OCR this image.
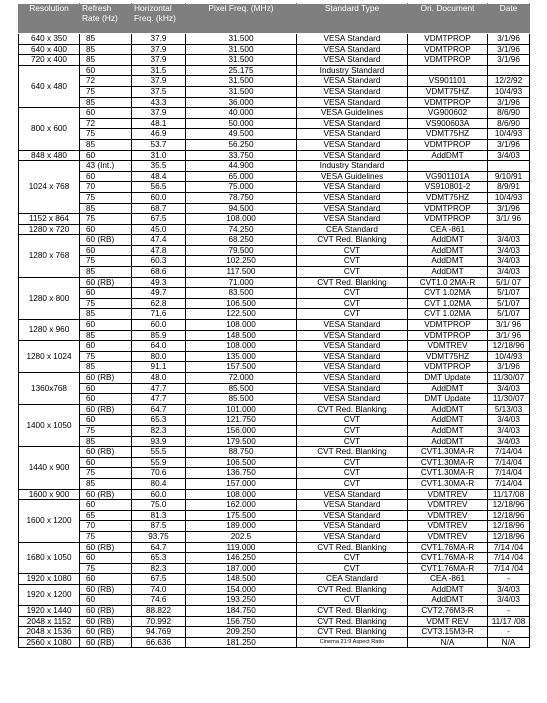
Resolution	Refresh Rate (Hz)	Horizontal Freq. (kHz)	Pixel Freq. (MHz)	Standard Type	Ori. Document	Date
640 x 350	85	37.9	31.500	VESA Standard	VDMTPROP	3/1/96
640 x 400	85	37.9	31.500	VESA Standard	VDMTPROP	3/1/96
720 x 400	85	37.9	31.500	VESA Standard	VDMTPROP	3/1/96
640 x 480	60	31.5	25.175	Industry Standard		
	72	37.9	31.500	VESA Standard	VS901101	12/2/92
	75	37.5	31.500	VESA Standard	VDMT75HZ	10/4/93
	85	43.3	36.000	VESA Standard	VDMTPROP	3/1/96
800 x 600	60	37.9	40.000	VESA Guidelines	VG900602	8/6/90
	72	48.1	50.000	VESA Standard	VS900603A	8/6/90
	75	46.9	49.500	VESA Standard	VDMT75HZ	10/4/93
	85	53.7	56.250	VESA Standard	VDMTPROP	3/1/96
848 x 480	60	31.0	33.750	VESA Standard	AddDMT	3/4/03
1024 x 768	43 (Int.)	35.5	44.900	Industry Standard		
	60	48.4	65.000	VESA Guidelines	VG901101A	9/10/91
	70	56.5	75.000	VESA Standard	VS910801-2	8/9/91
	75	60.0	78.750	VESA Standard	VDMT75HZ	10/4/93
	85	68.7	94.500	VESA Standard	VDMTPROP	3/1/96
1152 x 864	75	67.5	108.000	VESA Standard	VDMTPROP	3/1/ 96
1280 x 720	60	45.0	74.250	CEA Standard	CEA -861	
1280 x 768	60 (RB)	47.4	68.250	CVT Red. Blanking	AddDMT	3/4/03
	60	47.8	79.500	CVT	AddDMT	3/4/03
	75	60.3	102.250	CVT	AddDMT	3/4/03
	85	68.6	117.500	CVT	AddDMT	3/4/03
1280 x 800	60 (RB)	49.3	71.000	CVT Red. Blanking	CVT1.0 2MA-R	5/1/ 07
	60	49.7	83.500	CVT	CVT 1.02MA	5/1/07
	75	62.8	106.500	CVT	CVT 1.02MA	5/1/07
	85	71.6	122.500	CVT	CVT 1.02MA	5/1/07
1280 x 960	60	60.0	108.000	VESA Standard	VDMTPROP	3/1/ 96
	85	85.9	148.500	VESA Standard	VDMTPROP	3/1/ 96
1280 x 1024	60	64.0	108.000	VESA Standard	VDMTREV	12/18/96
	75	80.0	135.000	VESA Standard	VDMT75HZ	10/4/93
	85	91.1	157.500	VESA Standard	VDMTPROP	3/1/96
1360x768	60 (RB)	48.0	72.000	VESA Standard	DMT Update	11/30/07
	60	47.7	85.500	VESA Standard	AddDMT	3/4/03
	60	47.7	85.500	VESA Standard	DMT Update	11/30/07
1400 x 1050	60 (RB)	64.7	101.000	CVT Red. Blanking	AddDMT	5/13/03
	60	65.3	121.750	CVT	AddDMT	3/4/03
	75	82.3	156.000	CVT	AddDMT	3/4/03
	85	93.9	179.500	CVT	AddDMT	3/4/03
1440 x 900	60 (RB)	55.5	88.750	CVT Red. Blanking	CVT1.30MA-R	7/14/04
	60	55.9	106.500	CVT	CVT1.30MA-R	7/14/04
	75	70.6	136.750	CVT	CVT1.30MA-R	7/14/04
	85	80.4	157.000	CVT	CVT1.30MA-R	7/14/04
1600 x 900	60 (RB)	60.0	108.000	VESA Standard	VDMTREV	11/17/08
1600 x 1200	60	75.0	162.000	VESA Standard	VDMTREV	12/18/96
	65	81.3	175.500	VESA Standard	VDMTREV	12/18/96
	70	87.5	189.000	VESA Standard	VDMTREV	12/18/96
	75	93.75	202.5	VESA Standard	VDMTREV	12/18/96
1680 x 1050	60 (RB)	64.7	119.000	CVT Red. Blanking	CVT1.76MA-R	7/14 /04
	60	65.3	146.250	CVT	CVT1.76MA-R	7/14 /04
	75	82.3	187.000	CVT	CVT1.76MA-R	7/14 /04
1920 x 1080	60	67.5	148.500	CEA Standard	CEA -861	-
1920 x 1200	60 (RB)	74.0	154.000	CVT Red. Blanking	AddDMT	3/4/03
	60	74.6	193.250	CVT	AddDMT	3/4/03
1920 x 1440	60 (RB)	88.822	184.750	CVT Red. Blanking	CVT2.76M3-R	-
2048 x 1152	60 (RB)	70.992	156.750	CVT Red. Blanking	VDMT REV	11/17 /08
2048 x 1536	60 (RB)	94.769	209.250	CVT Red. Blanking	CVT3.15M3-R	-
2560 x 1080	60 (RB)	66.636	181.250	Cinema 21:9 Aspect Ratio	N/A	N/A
